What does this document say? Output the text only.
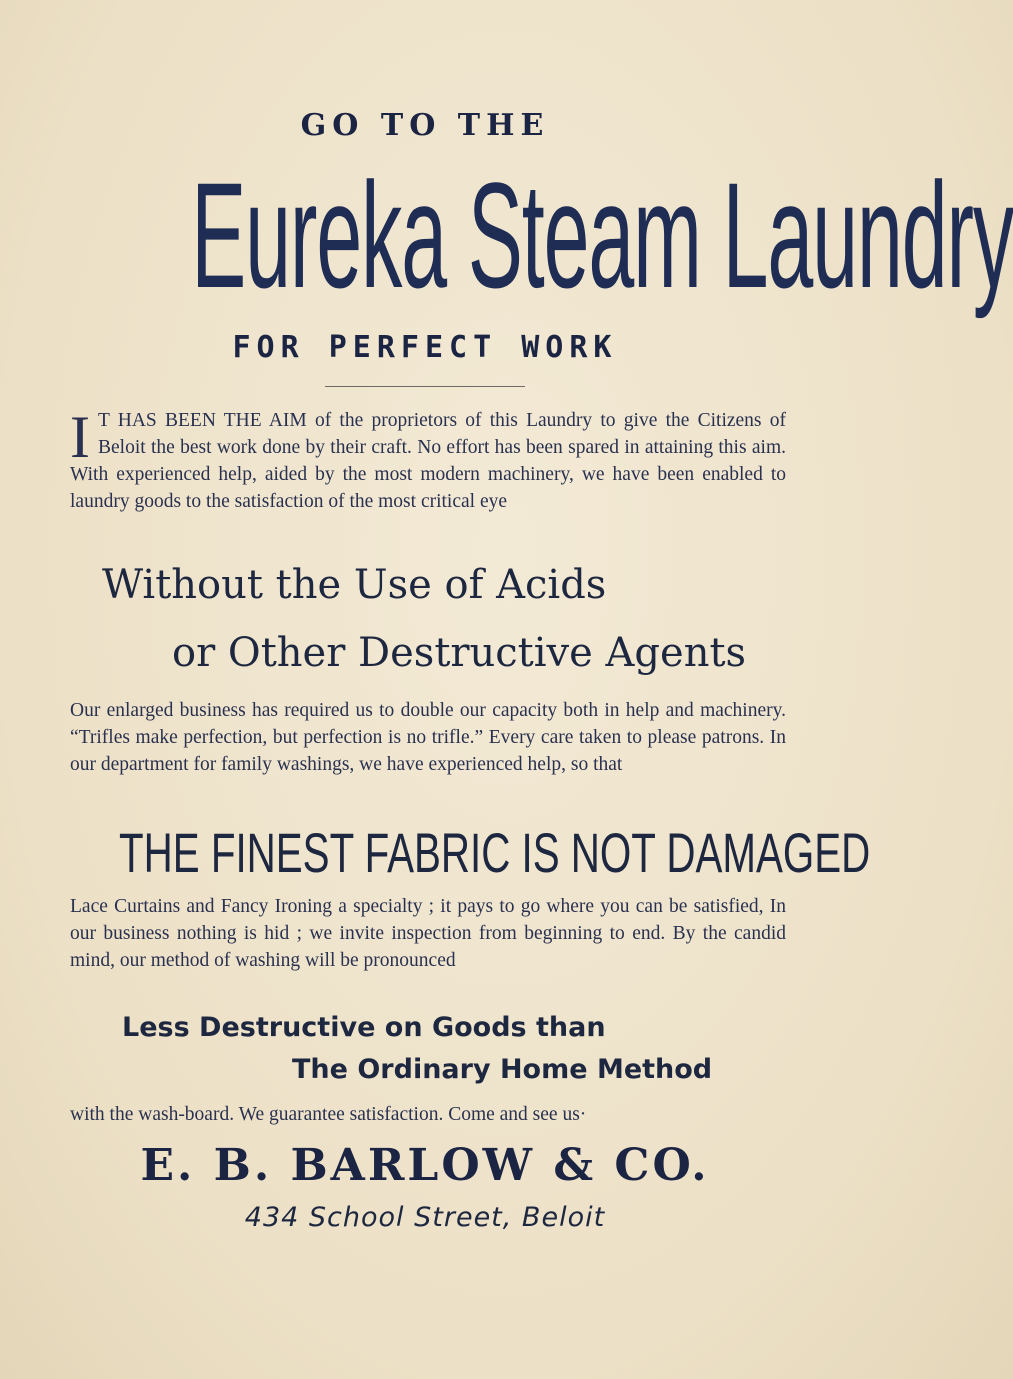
GO TO THE
Eureka Steam Laundry
FOR PERFECT WORK
I T HAS BEEN THE AIM of the proprietors of this Laundry to give the Citizens of Beloit the best work done by their craft. No effort has been spared in attaining this aim. With experienced help, aided by the most modern machinery, we have been enabled to laundry goods to the satisfaction of the most critical eye
Without the Use of Acids
or Other Destructive Agents
Our enlarged business has required us to double our capacity both in help and machinery. “Trifles make perfection, but perfection is no trifle.” Every care taken to please patrons. In our department for family washings, we have experienced help, so that
THE FINEST FABRIC IS NOT DAMAGED
Lace Curtains and Fancy Ironing a specialty ; it pays to go where you can be satisfied, In our business nothing is hid ; we invite inspection from beginning to end. By the candid mind, our method of washing will be pronounced
Less Destructive on Goods than
The Ordinary Home Method
with the wash-board. We guarantee satisfaction. Come and see us·
E. B. BARLOW & CO.
434 School Street, Beloit
